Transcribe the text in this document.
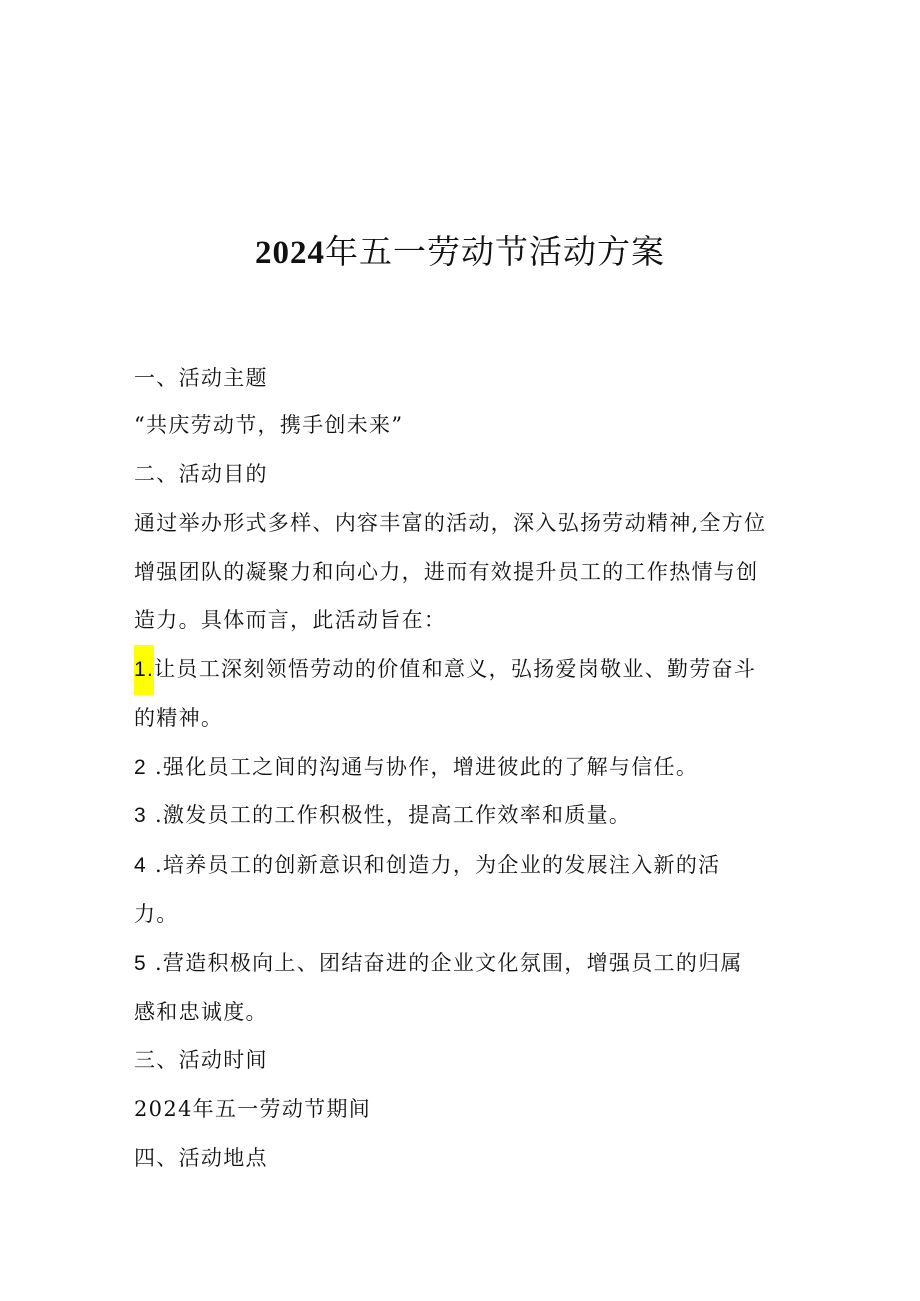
2024年五一劳动节活动方案

一、活动主题

“共庆劳动节，携手创未来”

二、活动目的

通过举办形式多样、内容丰富的活动，深入弘扬劳动精神,全方位

增强团队的凝聚力和向心力，进而有效提升员工的工作热情与创

造力。具体而言，此活动旨在：

1.让员工深刻领悟劳动的价值和意义，弘扬爱岗敬业、勤劳奋斗

的精神。

2 .强化员工之间的沟通与协作，增进彼此的了解与信任。

3 .激发员工的工作积极性，提高工作效率和质量。

4 .培养员工的创新意识和创造力，为企业的发展注入新的活

力。

5 .营造积极向上、团结奋进的企业文化氛围，增强员工的归属

感和忠诚度。

三、活动时间

2024年五一劳动节期间

四、活动地点
